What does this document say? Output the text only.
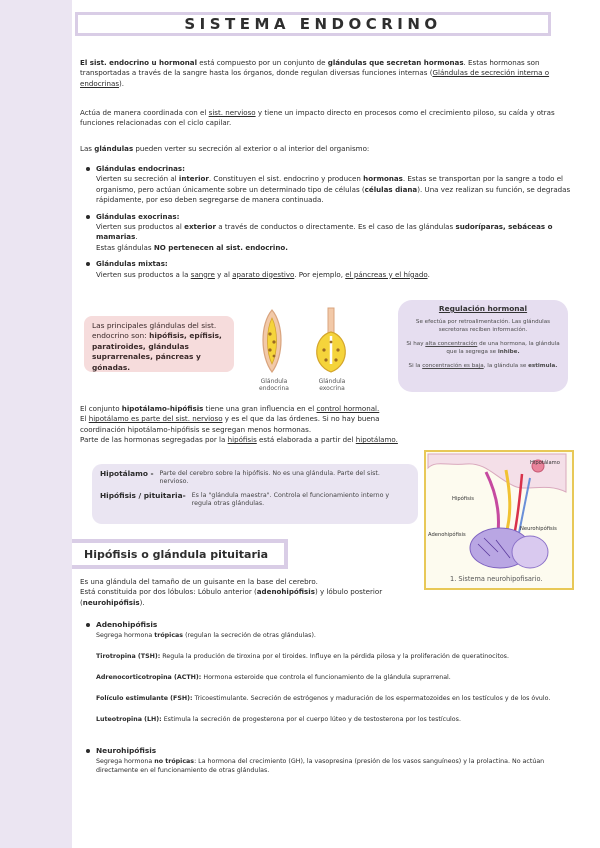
SISTEMA ENDOCRINO
El sist. endocrino u hormonal está compuesto por un conjunto de glándulas que secretan hormonas. Estas hormonas son transportadas a través de la sangre hasta los órganos, donde regulan diversas funciones internas (Glándulas de secreción interna o endocrinas).
Actúa de manera coordinada con el sist. nervioso y tiene un impacto directo en procesos como el crecimiento piloso, su caída y otras funciones relacionadas con el ciclo capilar.
Las glándulas pueden verter su secreción al exterior o al interior del organismo:
Glándulas endocrinas:
Vierten su secreción al interior. Constituyen el sist. endocrino y producen hormonas. Estas se transportan por la sangre a todo el organismo, pero actúan únicamente sobre un determinado tipo de células (células diana). Una vez realizan su función, se degradas rápidamente, por eso deben segregarse de manera continuada.
Glándulas exocrinas:
Vierten sus productos al exterior a través de conductos o directamente. Es el caso de las glándulas sudoríparas, sebáceas o mamarias.
Estas glándulas NO pertenecen al sist. endocrino.
Glándulas mixtas:
Vierten sus productos a la sangre y al aparato digestivo. Por ejemplo, el páncreas y el hígado.
Las principales glándulas del sist. endocrino son: hipófisis, epífisis, paratiroides, glándulas suprarrenales, páncreas y gónadas.
Glándula endocrina
Glándula exocrina
Regulación hormonal

Se efectúa por retroalimentación. Las glándulas secretoras reciben información.

Si hay alta concentración de una hormona, la glándula que la segrega se inhibe.

Si la concentración es baja, la glándula se estimula.

El conjunto hipotálamo-hipófisis tiene una gran influencia en el control hormonal.
El hipotálamo es parte del sist. nervioso y es el que da las órdenes. Si no hay buena coordinación hipotálamo-hipófisis se segregan menos hormonas.
Parte de las hormonas segregadas por la hipófisis está elaborada a partir del hipotálamo.
Hipotálamo - Parte del cerebro sobre la hipófisis. No es una glándula. Parte del sist. nervioso.
Hipófisis / pituitaria- Es la "glándula maestra". Controla el funcionamiento interno y regula otras glándulas.
Hipotálamo
Hipófisis
Neurohipófisis
Adenohipófisis
1. Sistema neurohipofisario.
Hipófisis o glándula pituitaria
Es una glándula del tamaño de un guisante en la base del cerebro.
Está constituida por dos lóbulos: Lóbulo anterior (adenohipófisis) y lóbulo posterior (neurohipófisis).
Adenohipófisis

Segrega hormona trópicas (regulan la secreción de otras glándulas).

Tirotropina (TSH): Regula la produción de tiroxina por el tiroides. Influye en la pérdida pilosa y la proliferación de queratinocitos.

Adrenocorticotropina (ACTH): Hormona esteroide que controla el funcionamiento de la glándula suprarrenal.

Folículo estimulante (FSH): Tricoestimulante. Secreción de estrógenos y maduración de los espermatozoides en los testículos y de los óvulo.

Luteotropina (LH): Estimula la secreción de progesterona por el cuerpo lúteo y de testosterona por los testículos.

Neurohipófisis

Segrega hormona no trópicas: La hormona del crecimiento (GH), la vasopresina (presión de los vasos sanguíneos) y la prolactina. No actúan directamente en el funcionamiento de otras glándulas.
